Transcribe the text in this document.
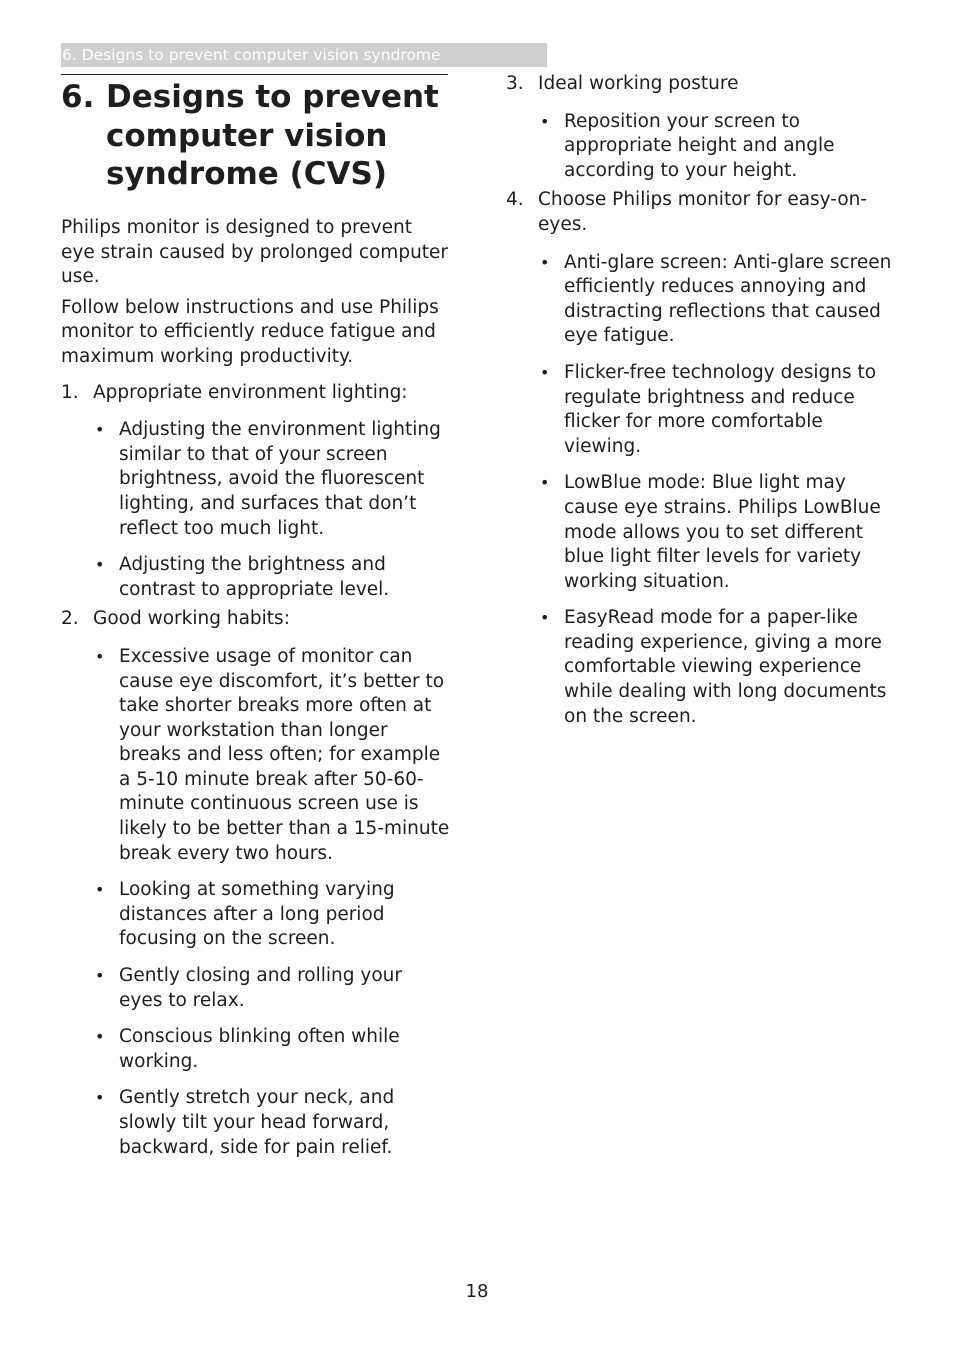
6. Designs to prevent computer vision syndrome
6. Designs to prevent computer vision syndrome (CVS)

Philips monitor is designed to prevent eye strain caused by prolonged computer use.

Follow below instructions and use Philips monitor to efficiently reduce fatigue and maximum working productivity.

1. Appropriate environment lighting:
• Adjusting the environment lighting similar to that of your screen brightness, avoid the fluorescent lighting, and surfaces that don’t reflect too much light.
• Adjusting the brightness and contrast to appropriate level.
2. Good working habits:
• Excessive usage of monitor can cause eye discomfort, it’s better to take shorter breaks more often at your workstation than longer breaks and less often; for example a 5-10 minute break after 50-60-minute continuous screen use is likely to be better than a 15-minute break every two hours.
• Looking at something varying distances after a long period focusing on the screen.
• Gently closing and rolling your eyes to relax.
• Conscious blinking often while working.
• Gently stretch your neck, and slowly tilt your head forward, backward, side for pain relief.
3. Ideal working posture
• Reposition your screen to appropriate height and angle according to your height.
4. Choose Philips monitor for easy-on-eyes.
• Anti-glare screen: Anti-glare screen efficiently reduces annoying and distracting reflections that caused eye fatigue.
• Flicker-free technology designs to regulate brightness and reduce flicker for more comfortable viewing.
• LowBlue mode: Blue light may cause eye strains. Philips LowBlue mode allows you to set different blue light filter levels for variety working situation.
• EasyRead mode for a paper-like reading experience, giving a more comfortable viewing experience while dealing with long documents on the screen.
18
